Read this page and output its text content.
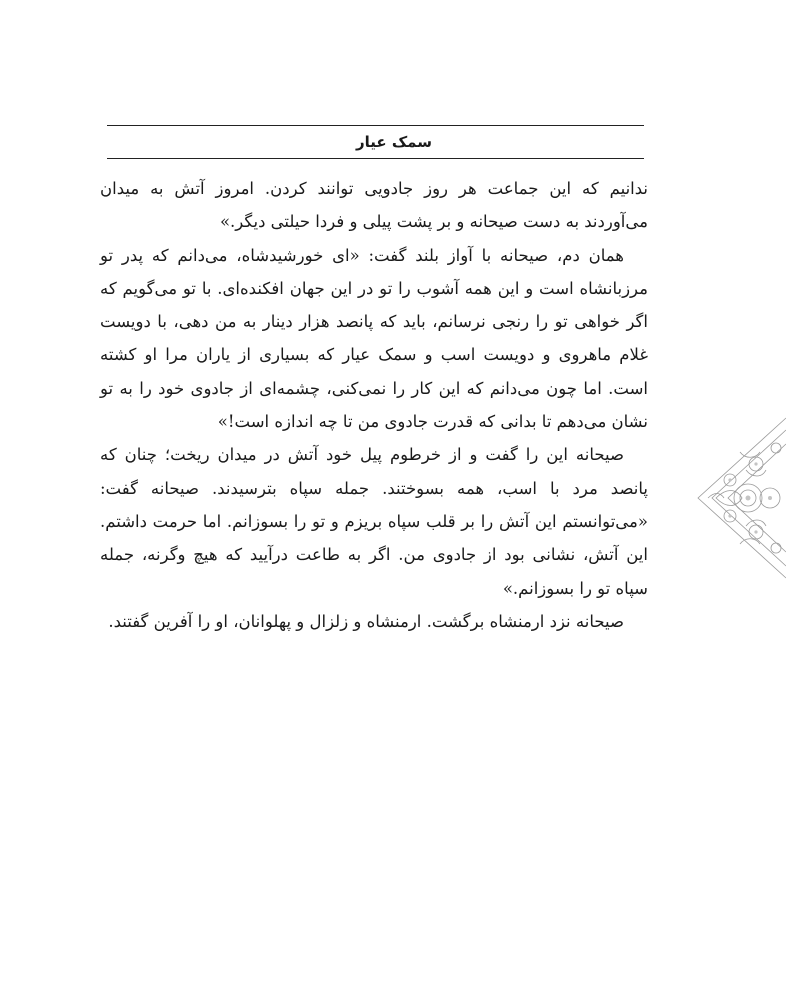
سمک عیار

ندانیم که این جماعت هر روز جادویی توانند کردن. امروز آتش به میدان می‌آوردند به دست صیحانه و بر پشت پیلی و فردا حیلتی دیگر.»

همان دم، صیحانه با آواز بلند گفت: «ای خورشیدشاه، می‌دانم که پدر تو مرزبانشاه است و این همه آشوب را تو در این جهان افکنده‌ای. با تو می‌گویم که اگر خواهی تو را رنجی نرسانم، باید که پانصد هزار دینار به من دهی، با دویست غلام ماهروی و دویست اسب و سمک عیار که بسیاری از یاران مرا او کشته است. اما چون می‌دانم که این کار را نمی‌کنی، چشمه‌ای از جادوی خود را به تو نشان می‌دهم تا بدانی که قدرت جادوی من تا چه اندازه است!»

صیحانه این را گفت و از خرطوم پیل خود آتش در میدان ریخت؛ چنان که پانصد مرد با اسب، همه بسوختند. جمله سپاه بترسیدند. صیحانه گفت: «می‌توانستم این آتش را بر قلب سپاه بریزم و تو را بسوزانم. اما حرمت داشتم. این آتش، نشانی بود از جادوی من. اگر به طاعت درآیید که هیچ وگرنه، جمله سپاه تو را بسوزانم.»

صیحانه نزد ارمنشاه برگشت. ارمنشاه و زلزال و پهلوانان، او را آفرین گفتند.
